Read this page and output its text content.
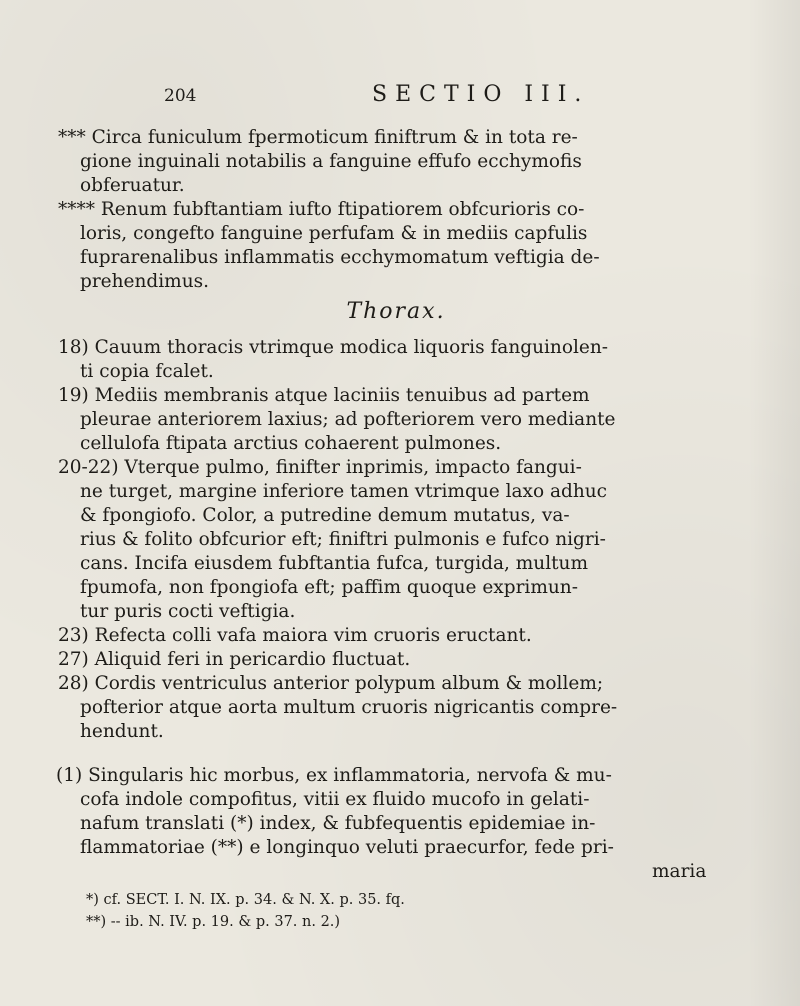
204	SECTIO III.
*** Circa funiculum fpermoticum finiftrum & in tota re-
gione inguinali notabilis a fanguine effufo ecchymofis
obferuatur.
**** Renum fubftantiam iufto ftipatiorem obfcurioris co-
loris, congefto fanguine perfufam & in mediis capfulis
fuprarenalibus inflammatis ecchymomatum veftigia de-
prehendimus.
Thorax.
18) Cauum thoracis vtrimque modica liquoris fanguinolen-
ti copia fcalet.
19) Mediis membranis atque laciniis tenuibus ad partem
pleurae anteriorem laxius; ad pofteriorem vero mediante
cellulofa ftipata arctius cohaerent pulmones.
20-22) Vterque pulmo, finifter inprimis, impacto fangui-
ne turget, margine inferiore tamen vtrimque laxo adhuc
& fpongiofo. Color, a putredine demum mutatus, va-
rius & folito obfcurior eft; finiftri pulmonis e fufco nigri-
cans. Incifa eiusdem fubftantia fufca, turgida, multum
fpumofa, non fpongiofa eft; paffim quoque exprimun-
tur puris cocti veftigia.
23) Refecta colli vafa maiora vim cruoris eructant.
27) Aliquid feri in pericardio fluctuat.
28) Cordis ventriculus anterior polypum album & mollem;
pofterior atque aorta multum cruoris nigricantis compre-
hendunt.
(1) Singularis hic morbus, ex inflammatoria, nervofa & mu-
cofa indole compofitus, vitii ex fluido mucofo in gelati-
nafum translati (*) index, & fubfequentis epidemiae in-
flammatoriae (**) e longinquo veluti praecurfor, fede pri-
maria
*) cf. SECT. I. N. IX. p. 34. & N. X. p. 35. fq.
**) -- ib. N. IV. p. 19. & p. 37. n. 2.)
